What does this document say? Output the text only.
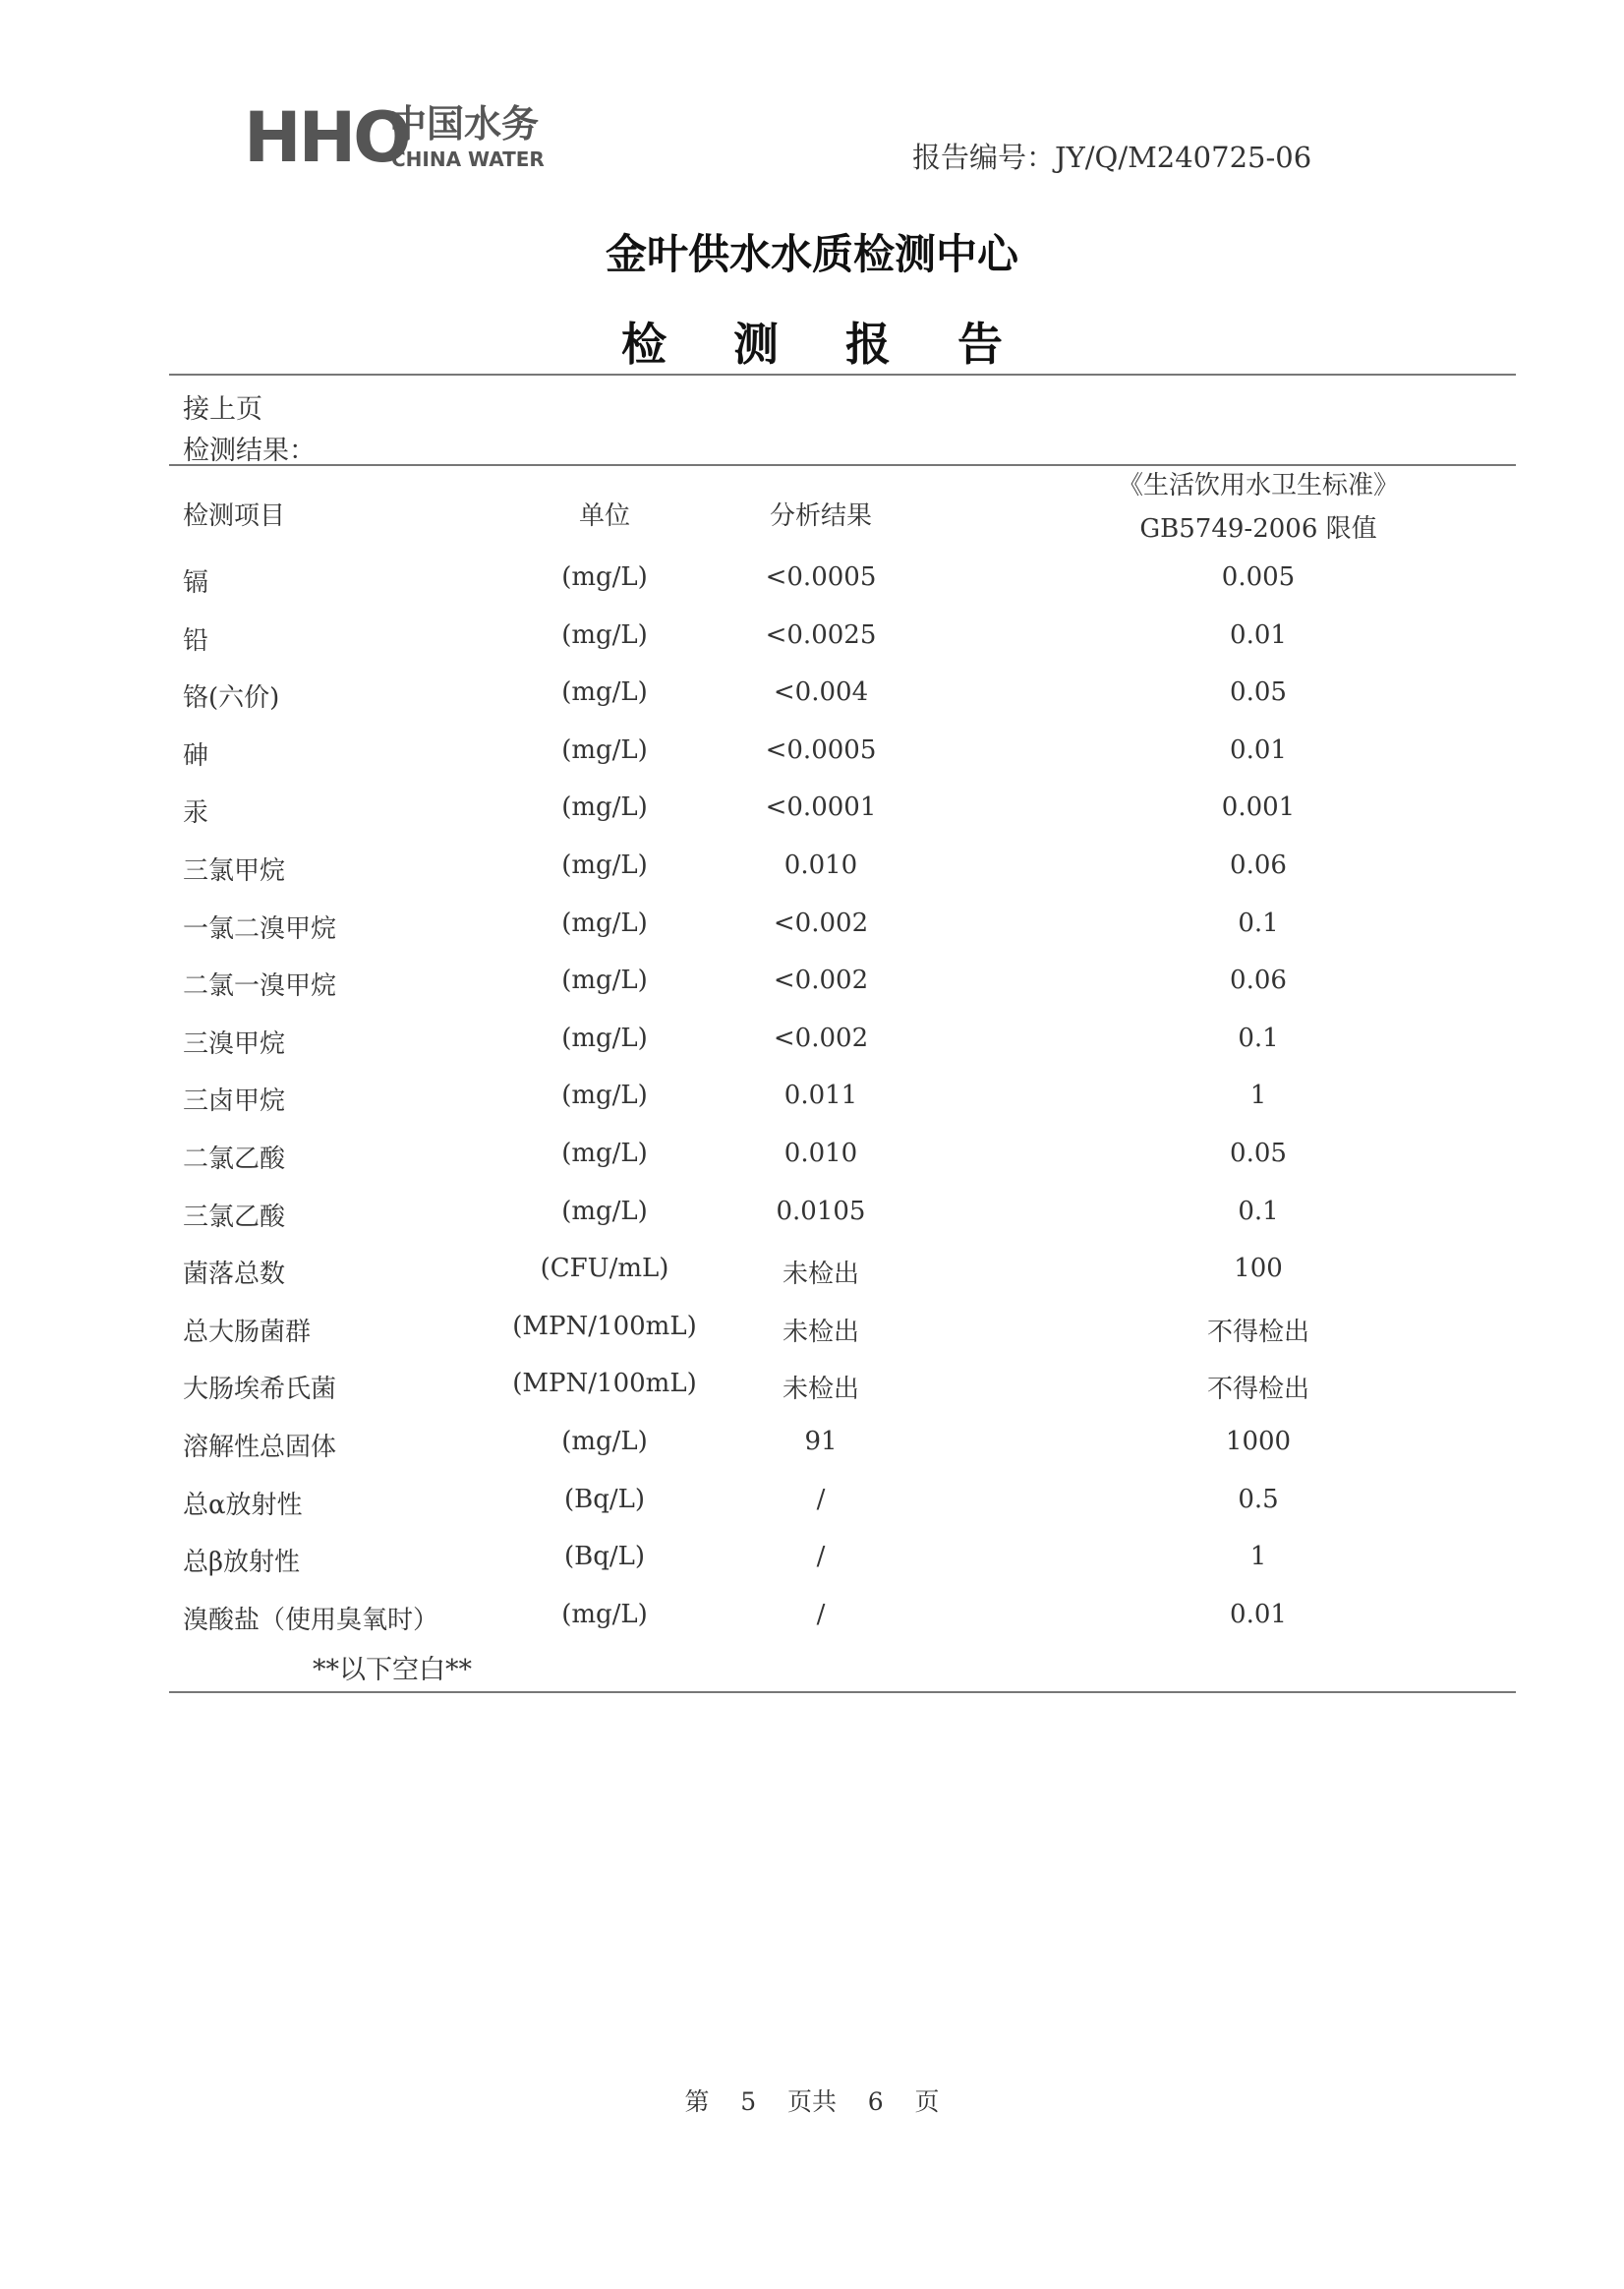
HHO
中国水务
CHINA WATER	报告编号：JY/Q/M240725-06
金叶供水水质检测中心
检 测 报 告
接上页
检测结果：
检测项目	单位	分析结果
《生活饮用水卫生标准》
GB5749-2006 限值
镉	(mg/L)	<0.0005	0.005
铅	(mg/L)	<0.0025	0.01
铬(六价)	(mg/L)	<0.004	0.05
砷	(mg/L)	<0.0005	0.01
汞	(mg/L)	<0.0001	0.001
三氯甲烷	(mg/L)	0.010	0.06
一氯二溴甲烷	(mg/L)	<0.002	0.1
二氯一溴甲烷	(mg/L)	<0.002	0.06
三溴甲烷	(mg/L)	<0.002	0.1
三卤甲烷	(mg/L)	0.011	1
二氯乙酸	(mg/L)	0.010	0.05
三氯乙酸	(mg/L)	0.0105	0.1
菌落总数	(CFU/mL)	未检出	100
总大肠菌群	(MPN/100mL)	未检出	不得检出
大肠埃希氏菌	(MPN/100mL)	未检出	不得检出
溶解性总固体	(mg/L)	91	1000
总α放射性	(Bq/L)	/	0.5
总β放射性	(Bq/L)	/	1
溴酸盐（使用臭氧时）	(mg/L)	/	0.01
**以下空白**
第 5 页共 6 页
